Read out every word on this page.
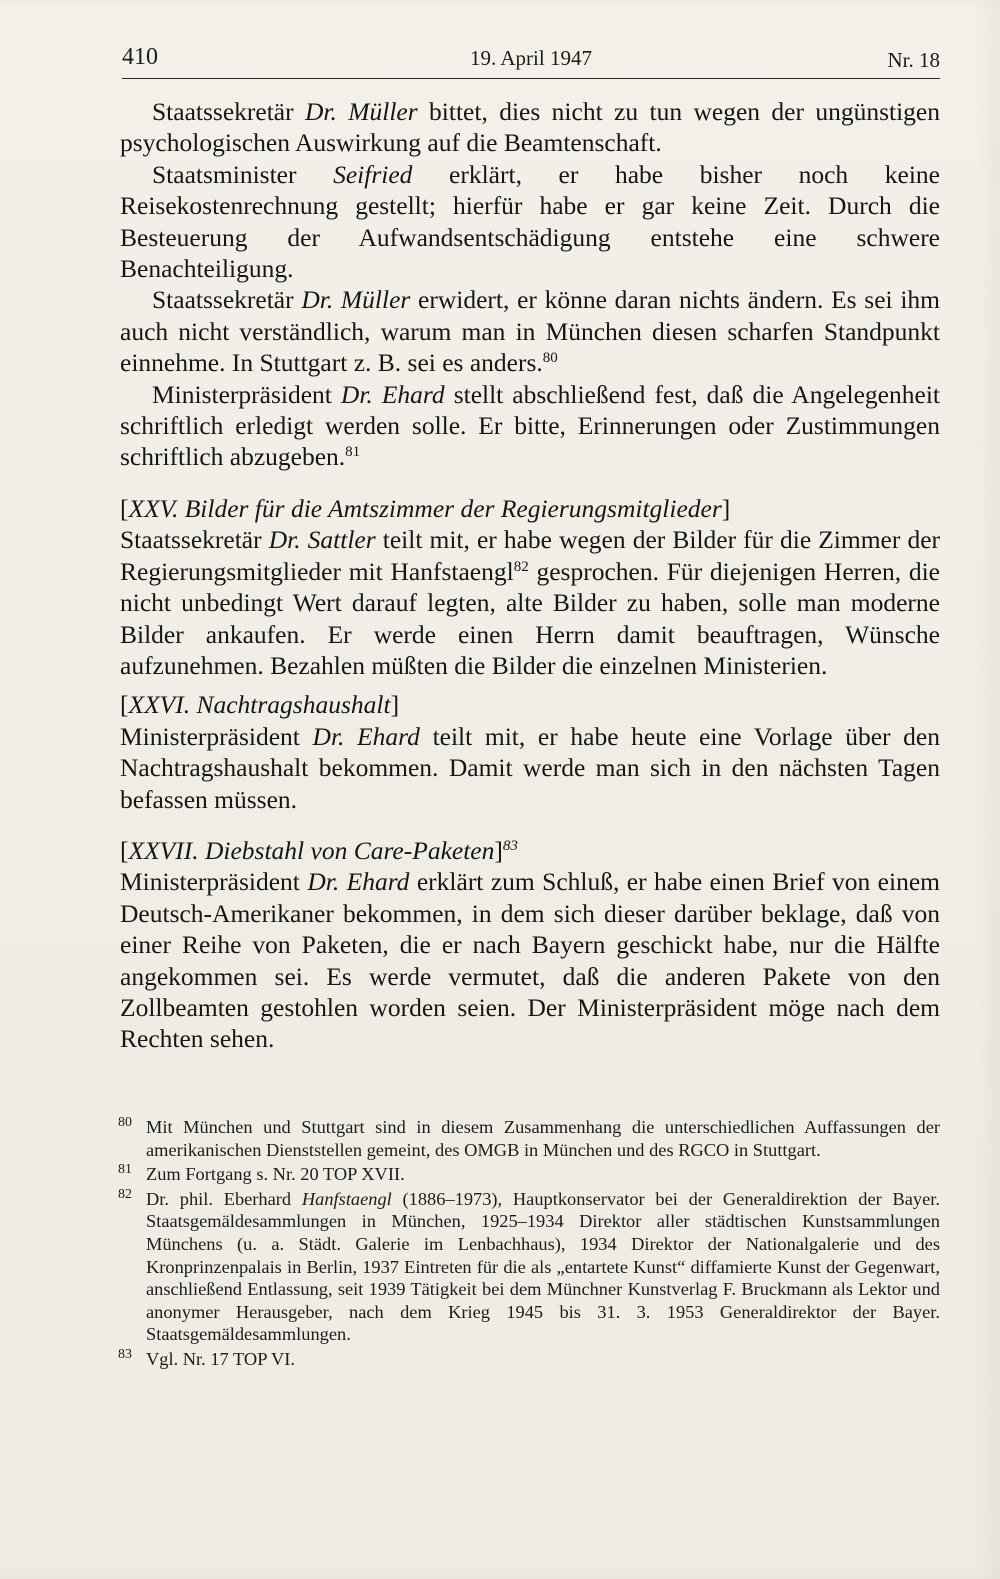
410	19. April 1947	Nr. 18

Staatssekretär Dr. Müller bittet, dies nicht zu tun wegen der ungünstigen psychologischen Auswirkung auf die Beamtenschaft.

Staatsminister Seifried erklärt, er habe bisher noch keine Reisekostenrechnung gestellt; hierfür habe er gar keine Zeit. Durch die Besteuerung der Aufwandsentschädigung entstehe eine schwere Benachteiligung.

Staatssekretär Dr. Müller erwidert, er könne daran nichts ändern. Es sei ihm auch nicht verständlich, warum man in München diesen scharfen Standpunkt einnehme. In Stuttgart z. B. sei es anders.$^{80}$

Ministerpräsident Dr. Ehard stellt abschließend fest, daß die Angelegenheit schriftlich erledigt werden solle. Er bitte, Erinnerungen oder Zustimmungen schriftlich abzugeben.$^{81}$

[XXV. Bilder für die Amtszimmer der Regierungsmitglieder]

Staatssekretär Dr. Sattler teilt mit, er habe wegen der Bilder für die Zimmer der Regierungsmitglieder mit Hanfstaengl$^{82}$ gesprochen. Für diejenigen Herren, die nicht unbedingt Wert darauf legten, alte Bilder zu haben, solle man moderne Bilder ankaufen. Er werde einen Herrn damit beauftragen, Wünsche aufzunehmen. Bezahlen müßten die Bilder die einzelnen Ministerien.

[XXVI. Nachtragshaushalt]

Ministerpräsident Dr. Ehard teilt mit, er habe heute eine Vorlage über den Nachtragshaushalt bekommen. Damit werde man sich in den nächsten Tagen befassen müssen.

[XXVII. Diebstahl von Care-Paketen]$^{83}$

Ministerpräsident Dr. Ehard erklärt zum Schluß, er habe einen Brief von einem Deutsch-Amerikaner bekommen, in dem sich dieser darüber beklage, daß von einer Reihe von Paketen, die er nach Bayern geschickt habe, nur die Hälfte angekommen sei. Es werde vermutet, daß die anderen Pakete von den Zollbeamten gestohlen worden seien. Der Ministerpräsident möge nach dem Rechten sehen.

80 Mit München und Stuttgart sind in diesem Zusammenhang die unterschiedlichen Auffassungen der amerikanischen Dienststellen gemeint, des OMGB in München und des RGCO in Stuttgart.
81 Zum Fortgang s. Nr. 20 TOP XVII.
82 Dr. phil. Eberhard Hanfstaengl (1886–1973), Hauptkonservator bei der Generaldirektion der Bayer. Staatsgemäldesammlungen in München, 1925–1934 Direktor aller städtischen Kunstsammlungen Münchens (u. a. Städt. Galerie im Lenbachhaus), 1934 Direktor der Nationalgalerie und des Kronprinzenpalais in Berlin, 1937 Eintreten für die als „entartete Kunst“ diffamierte Kunst der Gegenwart, anschließend Entlassung, seit 1939 Tätigkeit bei dem Münchner Kunstverlag F. Bruckmann als Lektor und anonymer Herausgeber, nach dem Krieg 1945 bis 31. 3. 1953 Generaldirektor der Bayer. Staatsgemäldesammlungen.
83 Vgl. Nr. 17 TOP VI.
